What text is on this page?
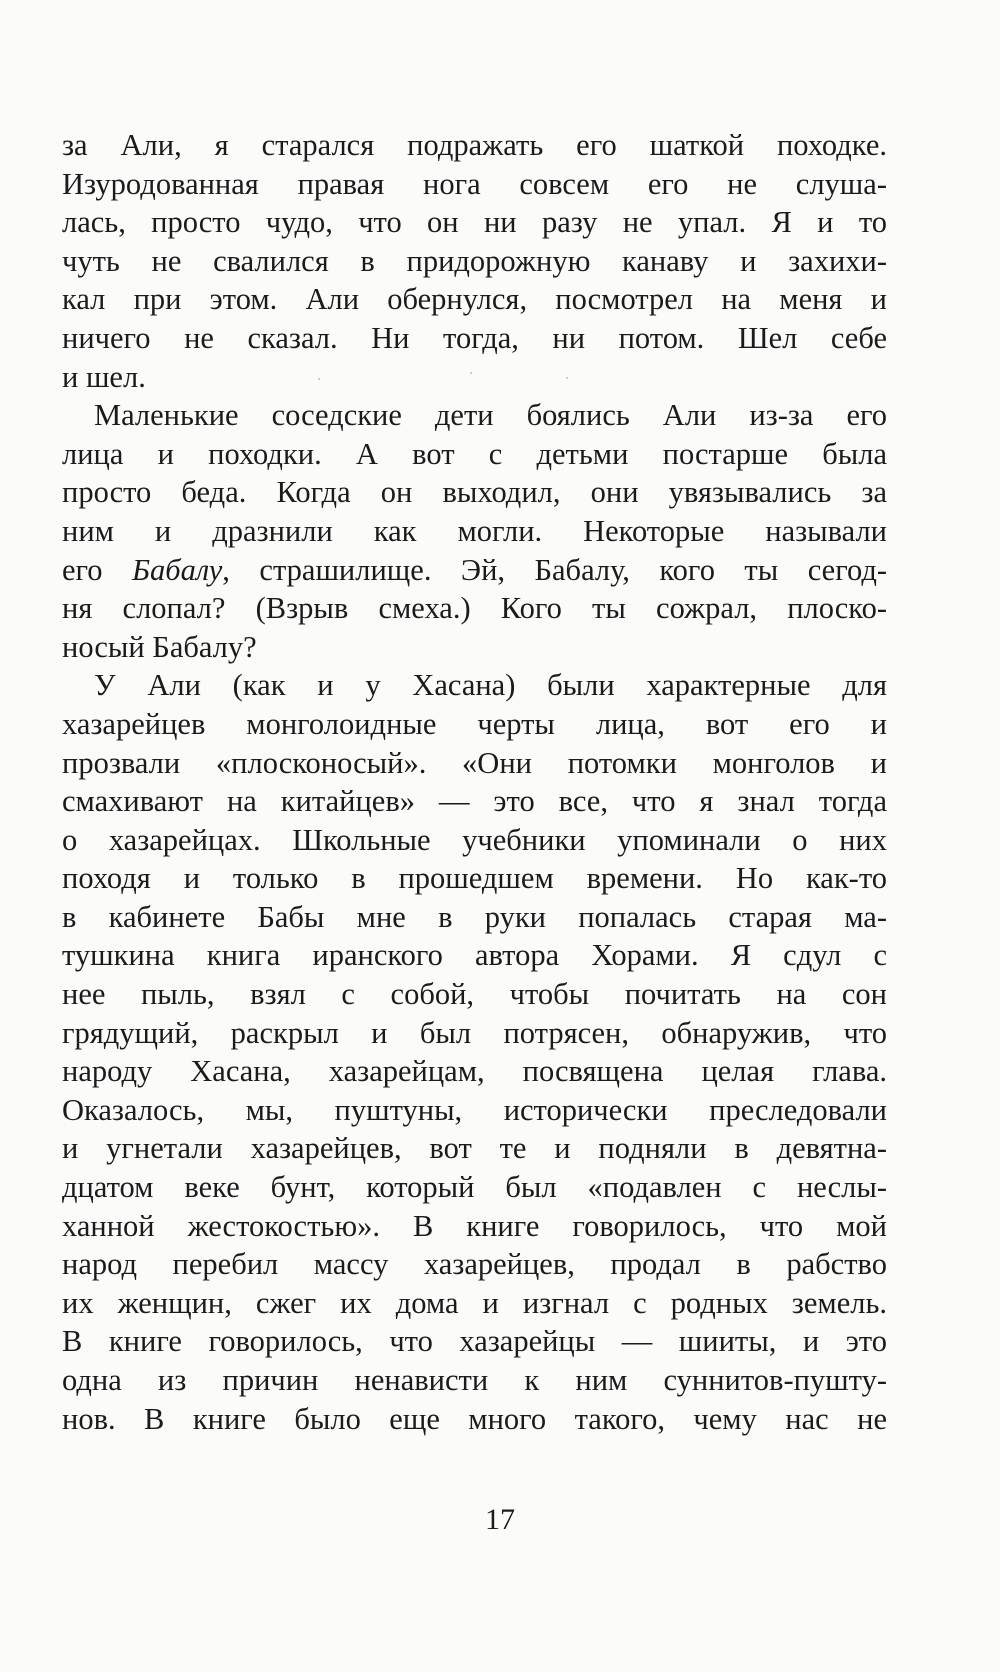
за Али, я старался подражать его шаткой походке.
Изуродованная правая нога совсем его не слуша-
лась, просто чудо, что он ни разу не упал. Я и то
чуть не свалился в придорожную канаву и захихи-
кал при этом. Али обернулся, посмотрел на меня и
ничего не сказал. Ни тогда, ни потом. Шел себе
и шел.
Маленькие соседские дети боялись Али из-за его
лица и походки. А вот с детьми постарше была
просто беда. Когда он выходил, они увязывались за
ним и дразнили как могли. Некоторые называли
его Бабалу, страшилище. Эй, Бабалу, кого ты сегод-
ня слопал? (Взрыв смеха.) Кого ты сожрал, плоско-
носый Бабалу?
У Али (как и у Хасана) были характерные для
хазарейцев монголоидные черты лица, вот его и
прозвали «плосконосый». «Они потомки монголов и
смахивают на китайцев» — это все, что я знал тогда
о хазарейцах. Школьные учебники упоминали о них
походя и только в прошедшем времени. Но как-то
в кабинете Бабы мне в руки попалась старая ма-
тушкина книга иранского автора Хорами. Я сдул с
нее пыль, взял с собой, чтобы почитать на сон
грядущий, раскрыл и был потрясен, обнаружив, что
народу Хасана, хазарейцам, посвящена целая глава.
Оказалось, мы, пуштуны, исторически преследовали
и угнетали хазарейцев, вот те и подняли в девятна-
дцатом веке бунт, который был «подавлен с неслы-
ханной жестокостью». В книге говорилось, что мой
народ перебил массу хазарейцев, продал в рабство
их женщин, сжег их дома и изгнал с родных земель.
В книге говорилось, что хазарейцы — шииты, и это
одна из причин ненависти к ним суннитов-пушту-
нов. В книге было еще много такого, чему нас не
17
